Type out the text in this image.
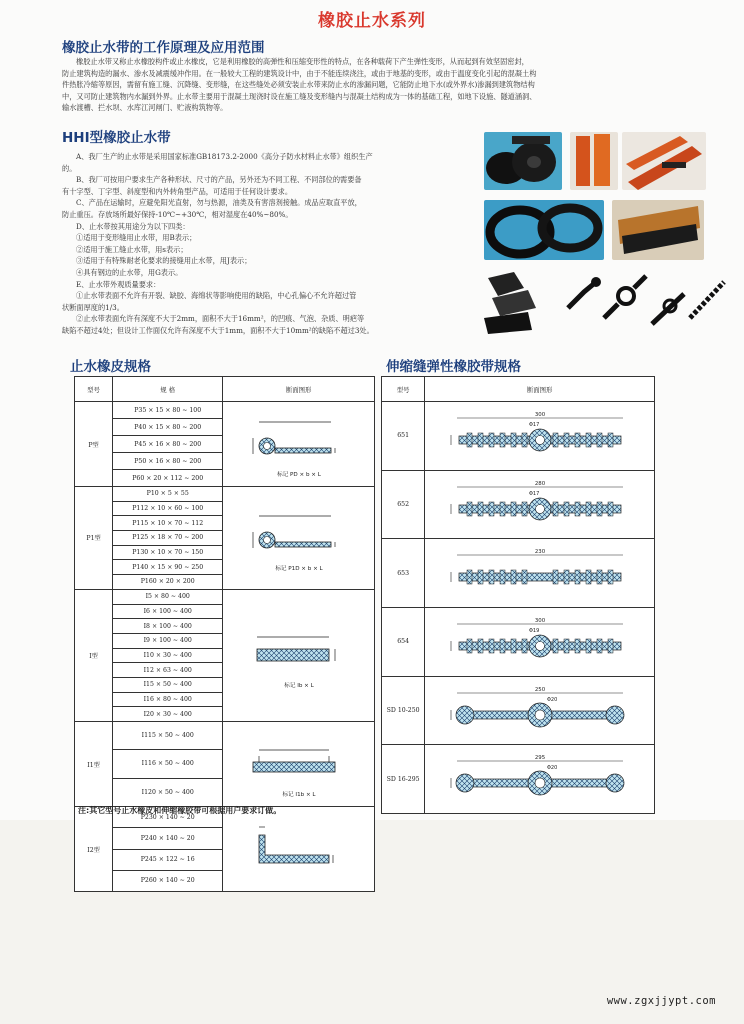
橡胶止水系列
橡胶止水带的工作原理及应用范围

橡胶止水带又称止水橡胶构件或止水橡皮，它是利用橡胶的高弹性和压缩变形性的特点，在各种载荷下产生弹性变形，从而起到有效坚固密封，

防止建筑构造的漏水、渗水及减震缓冲作用。在一般较大工程的建筑设计中，由于不能连续浇注，或由于地基的变形，或由于温度变化引起的混凝土构

件热胀冷缩等原因，需留有施工缝、沉降缝、变形缝，在这些缝处必须安装止水带来防止水的渗漏问题，它能防止地下水(或外界水)渗漏到建筑物结构

中，又可防止建筑物内水漏到外界。止水带主要用于混凝土现浇时设在施工缝及变形缝内与混凝土结构成为一体的基础工程，如地下设施、隧道涵洞、

输水渡槽、拦水坝、水库江河闸门、贮液构筑物等。

HHI型橡胶止水带

A、我厂生产的止水带是采用国家标准GB18173.2-2000《高分子防水材料止水带》组织生产

的。

B、我厂可按用户要求生产各种形状、尺寸的产品，另外还为不同工程、不同部位的需要备

有十字型、丁字型、斜度型和内外转角型产品，可适用于任何设计要求。

C、产品在运输时，应避免阳光直射，勿与热源，油类及有害溶剂接触。成品应取直平放，

防止重压。存放场所最好保持-10℃~+30℃，相对湿度在40%~80%。

D、止水带按其用途分为以下四类：

①适用于变形缝用止水带，用B表示；

②适用于施工缝止水带，用s表示；

③适用于有特殊耐老化要求的接缝用止水带，用J表示；

④具有钢边的止水带，用G表示。

E、止水带外观质量要求：

①止水带表面不允许有开裂、缺胶、海绵状等影响使用的缺陷，中心孔偏心不允许超过管

状断面厚度的1/3。

②止水带表面允许有深度不大于2mm，面积不大于16mm²，的凹痕、气泡、杂质、明疤等

缺陷不超过4处；但设计工作面仅允许有深度不大于1mm，面积不大于10mm²的缺陷不超过3处。

止水橡皮规格	伸缩缝弹性橡胶带规格
型号	规 格	断面图形
P型	P35 × 15 × 80 ~ 100	标记 PD × b × L

	P40 × 15 × 80 ~ 200	
	P45 × 16 × 80 ~ 200	
	P50 × 16 × 80 ~ 200	
	P60 × 20 × 112 ~ 200	
P1型	P10 × 5 × 55	标记 P1D × b × L

	P112 × 10 × 60 ~ 100	
	P115 × 10 × 70 ~ 112	
	P125 × 18 × 70 ~ 200	
	P130 × 10 × 70 ~ 150	
	P140 × 15 × 90 ~ 250	
	P160 × 20 × 200	
I型	I5 × 80 ~ 400	标记 Ib × L

	I6 × 100 ~ 400	
	I8 × 100 ~ 400	
	I9 × 100 ~ 400	
	I10 × 30 ~ 400	
	I12 × 63 ~ 400	
	I15 × 50 ~ 400	
	I16 × 80 ~ 400	
	I20 × 30 ~ 400	
I1型	I115 × 50 ~ 400	标记 I1b × L

	I116 × 50 ~ 400	
	I120 × 50 ~ 400	
I2型	P230 × 140 ~ 20	

	P240 × 140 ~ 20	
	P245 × 122 ~ 16	
	P260 × 140 ~ 20	
型号	断面图形
651	300
Φ17

652	280
Φ17

653	230

654	300
Φ19

SD 10-250	250
Φ20

SD 16-295	295
Φ20
注:其它型号止水橡皮和伸缩橡胶带可根据用户要求订做。
www.zgxjjypt.com
